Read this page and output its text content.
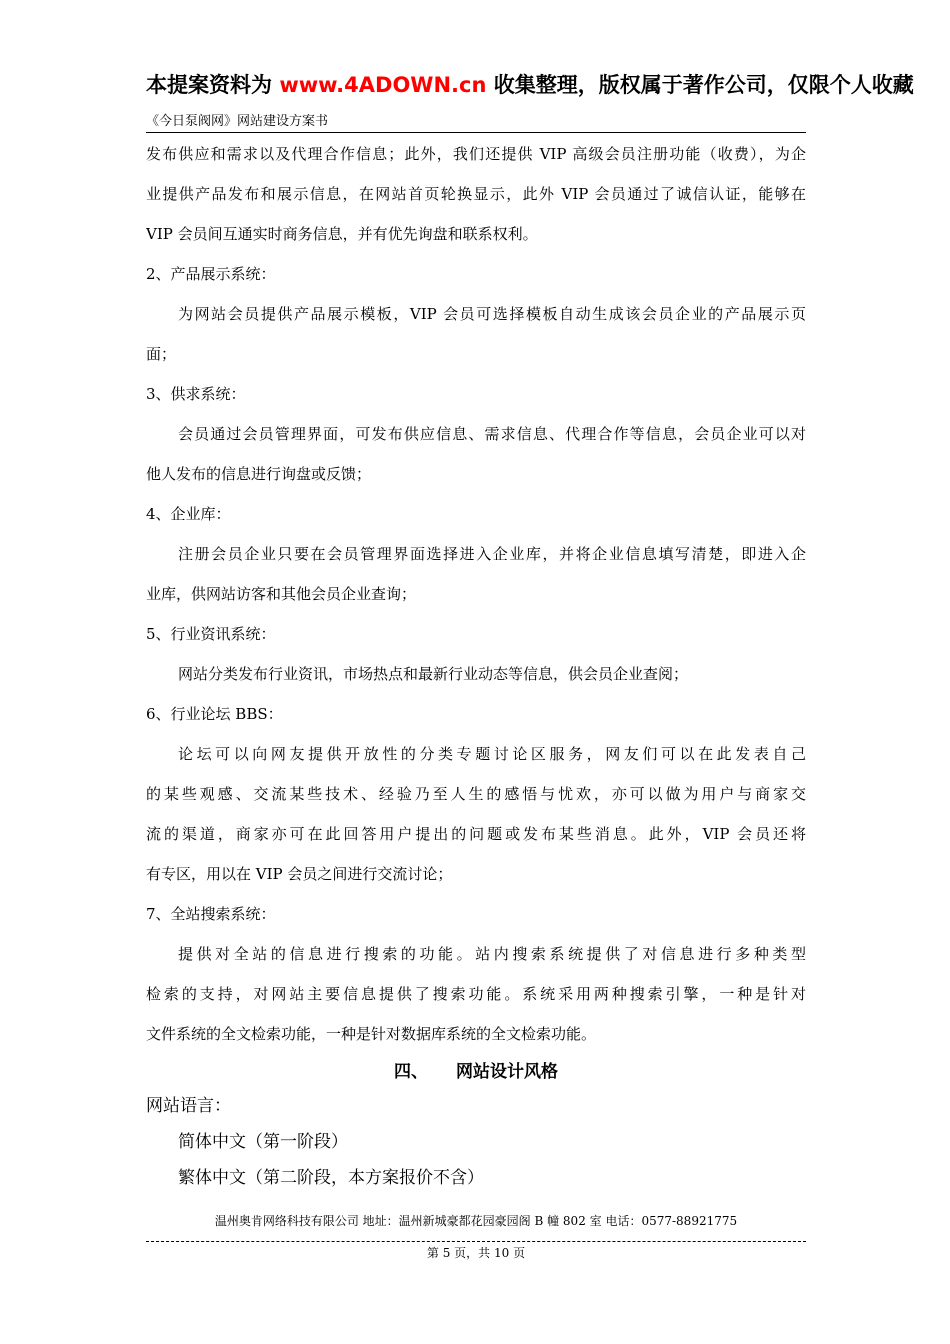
本提案资料为 www.4ADOWN.cn 收集整理，版权属于著作公司，仅限个人收藏
《今日泵阀网》网站建设方案书
发布供应和需求以及代理合作信息；此外，我们还提供 VIP 高级会员注册功能（收费），为企
业提供产品发布和展示信息，在网站首页轮换显示，此外 VIP 会员通过了诚信认证，能够在
VIP 会员间互通实时商务信息，并有优先询盘和联系权利。
2、产品展示系统：
为网站会员提供产品展示模板，VIP 会员可选择模板自动生成该会员企业的产品展示页
面；
3、供求系统：
会员通过会员管理界面，可发布供应信息、需求信息、代理合作等信息，会员企业可以对
他人发布的信息进行询盘或反馈；
4、企业库：
注册会员企业只要在会员管理界面选择进入企业库，并将企业信息填写清楚，即进入企
业库，供网站访客和其他会员企业查询；
5、行业资讯系统：
网站分类发布行业资讯，市场热点和最新行业动态等信息，供会员企业查阅；
6、行业论坛 BBS：
论坛可以向网友提供开放性的分类专题讨论区服务，网友们可以在此发表自己
的某些观感、交流某些技术、经验乃至人生的感悟与忧欢，亦可以做为用户与商家交
流的渠道，商家亦可在此回答用户提出的问题或发布某些消息。此外，VIP 会员还将
有专区，用以在 VIP 会员之间进行交流讨论；
7、全站搜索系统：
提供对全站的信息进行搜索的功能。站内搜索系统提供了对信息进行多种类型
检索的支持，对网站主要信息提供了搜索功能。系统采用两种搜索引擎，一种是针对
文件系统的全文检索功能，一种是针对数据库系统的全文检索功能。
四、 网站设计风格
网站语言：
简体中文（第一阶段）
繁体中文（第二阶段，本方案报价不含）
温州奥肯网络科技有限公司 地址：温州新城豪都花园豪园阁 B 幢 802 室 电话：0577-88921775
第 5 页，共 10 页
